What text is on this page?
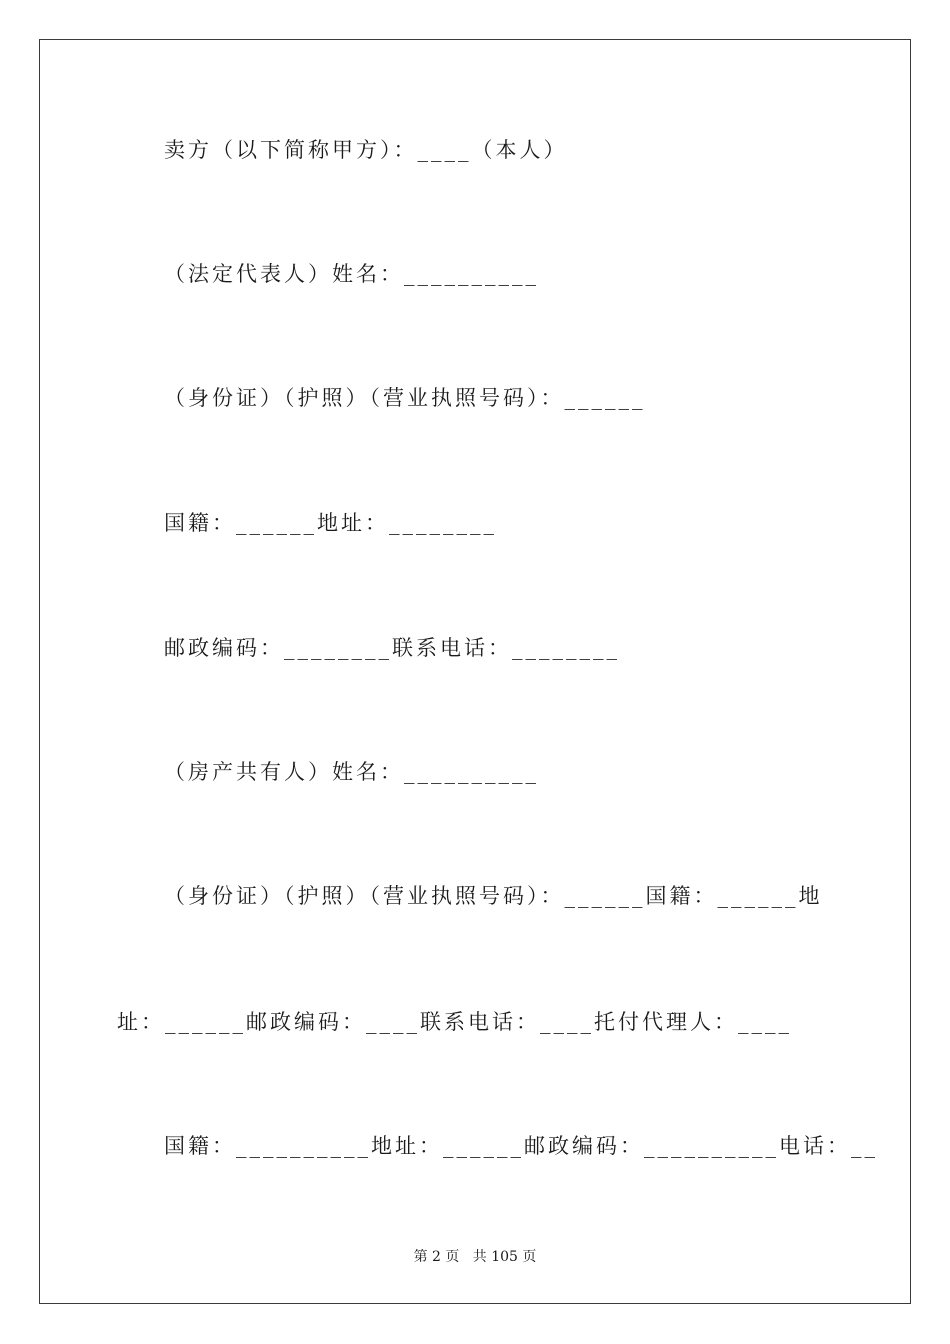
卖方（以下简称甲方）：____（本人）
（法定代表人）姓名：__________
（身份证）（护照）（营业执照号码）：______
国籍：______地址：________
邮政编码：________联系电话：________
（房产共有人）姓名：__________
（身份证）（护照）（营业执照号码）：______国籍：______地
址：______邮政编码：____联系电话：____托付代理人：____
国籍：__________地址：______邮政编码：__________电话：__
第 2 页 共 105 页
